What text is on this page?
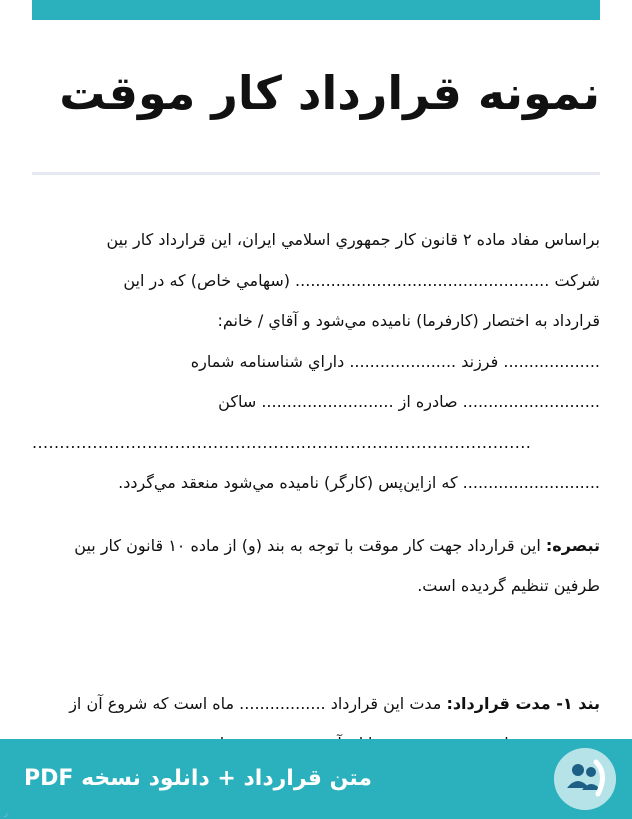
نمونه قرارداد کار موقت
براساس مفاد ماده ۲ قانون کار جمهوري اسلامي ايران، اين قرارداد کار بين
شرکت .................................................. (سهامي خاص) که در اين
قرارداد به اختصار (کارفرما) ناميده مي‌شود و آقاي / خانم:
................... فرزند ..................... داراي شناسنامه شماره
........................... صادره از .......................... ساکن
...........................................................................................
........................... که ازاين‌پس (کارگر) ناميده مي‌شود منعقد مي‌گردد.
تبصره: اين قرارداد جهت کار موقت با توجه به بند (و) از ماده ۱۰ قانون کار بين
طرفين تنظيم گرديده است.
بند ۱- مدت قرارداد: مدت اين قرارداد ................. ماه است که شروع آن از
متن قرارداد + دانلود نسخه PDF
ر
